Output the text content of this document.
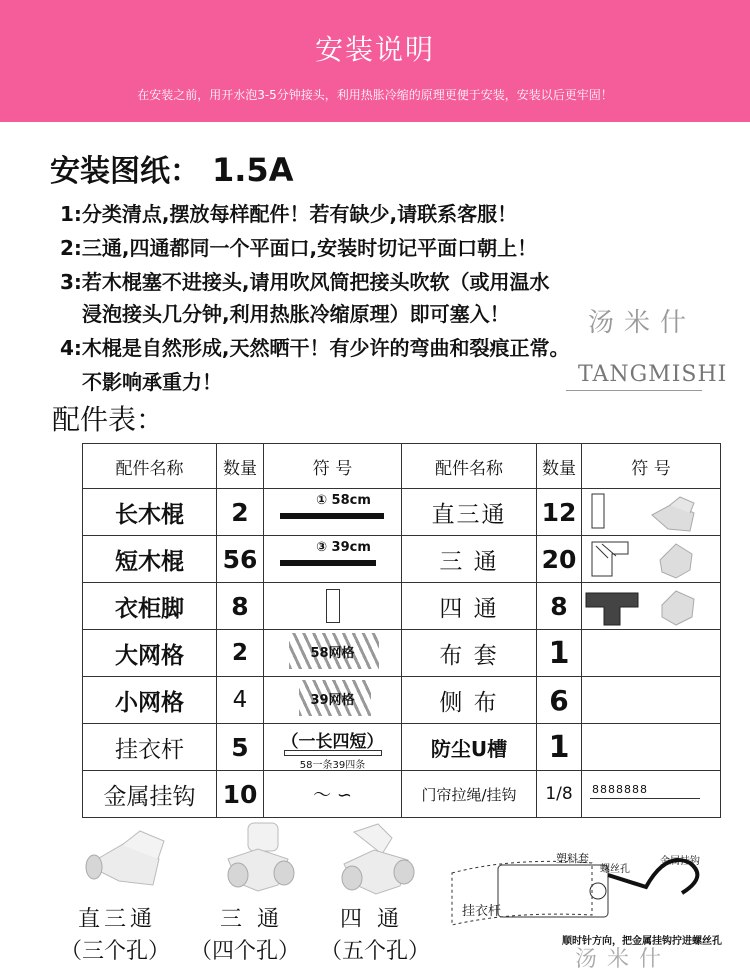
安装说明
在安装之前，用开水泡3-5分钟接头，利用热胀冷缩的原理更便于安装，安装以后更牢固！
安装图纸： 1.5A
1:分类清点,摆放每样配件！若有缺少,请联系客服！
2:三通,四通都同一个平面口,安装时切记平面口朝上！
3:若木棍塞不进接头,请用吹风筒把接头吹软（或用温水
浸泡接头几分钟,利用热胀冷缩原理）即可塞入！
4:木棍是自然形成,天然晒干！有少许的弯曲和裂痕正常。
不影响承重力！
汤米什
TANGMISHI
配件表：
配件名称	数量	符 号	配件名称	数量	符 号
长木棍	2	① 58cm	直三通	12	

短木棍	56	③ 39cm	三 通	20	

衣柜脚	8		四 通	8	

大网格	2	58网格	布 套	1	
小网格	4	39网格	侧 布	6	
挂衣杆	5	（一长四短）
58一条39四条	防尘U槽	1	
金属挂钩	10	～ ∽	门帘拉绳/挂钩	1/8	8888888
直三通
（三个孔）
三 通
（四个孔）
四 通
（五个孔）
塑料套
螺丝孔
金属挂钩
挂衣杆
顺时针方向，把金属挂钩拧进螺丝孔
汤米什
